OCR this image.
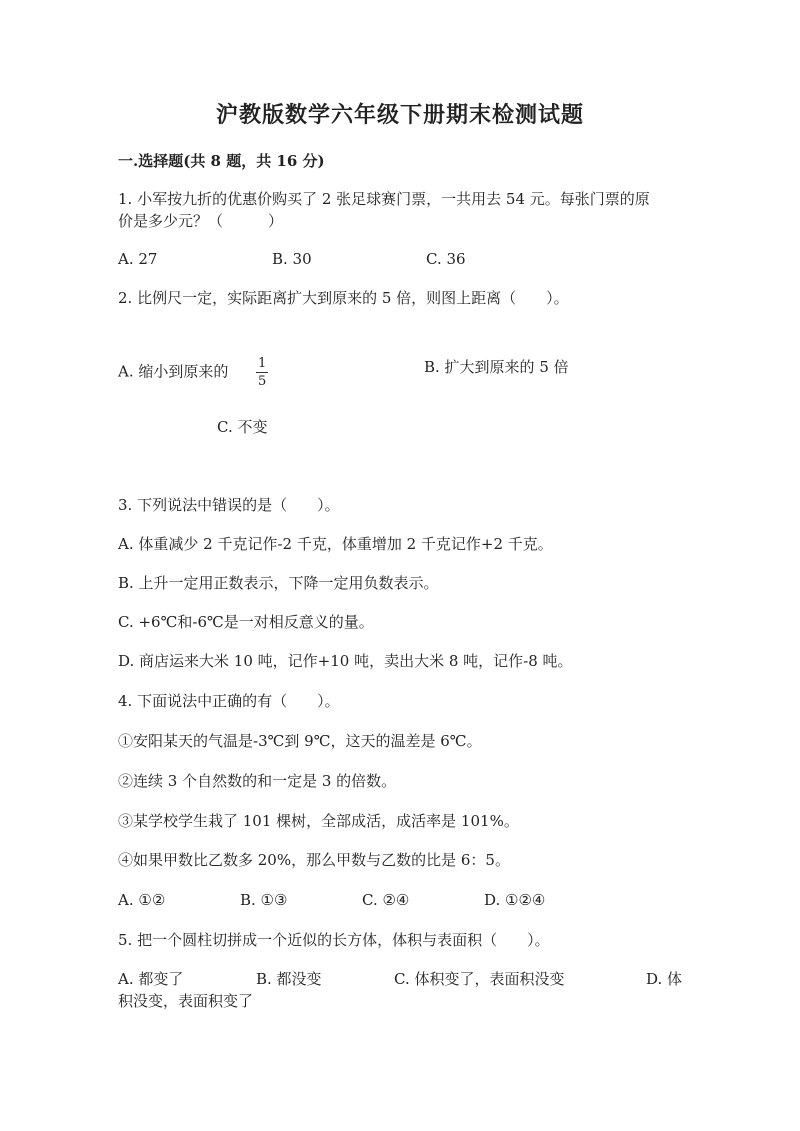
沪教版数学六年级下册期末检测试题
一.选择题(共 8 题，共 16 分)
1. 小军按九折的优惠价购买了 2 张足球赛门票，一共用去 54 元。每张门票的原
价是多少元？（　　　）
A. 27	B. 30	C. 36
2. 比例尺一定，实际距离扩大到原来的 5 倍，则图上距离（　　）。
A. 缩小到原来的 $\frac{1}{5}$	B. 扩大到原来的 5 倍
C. 不变
3. 下列说法中错误的是（　　）。
A. 体重减少 2 千克记作-2 千克，体重增加 2 千克记作+2 千克。
B. 上升一定用正数表示，下降一定用负数表示。
C. +6℃和-6℃是一对相反意义的量。
D. 商店运来大米 10 吨，记作+10 吨，卖出大米 8 吨，记作-8 吨。
4. 下面说法中正确的有（　　）。
①安阳某天的气温是-3℃到 9℃，这天的温差是 6℃。
②连续 3 个自然数的和一定是 3 的倍数。
③某学校学生栽了 101 棵树，全部成活，成活率是 101%。
④如果甲数比乙数多 20%，那么甲数与乙数的比是 6：5。
A. ①②	B. ①③	C. ②④	D. ①②④
5. 把一个圆柱切拼成一个近似的长方体，体积与表面积（　　）。
A. 都变了	B. 都没变	C. 体积变了，表面积没变	D. 体
积没变，表面积变了
